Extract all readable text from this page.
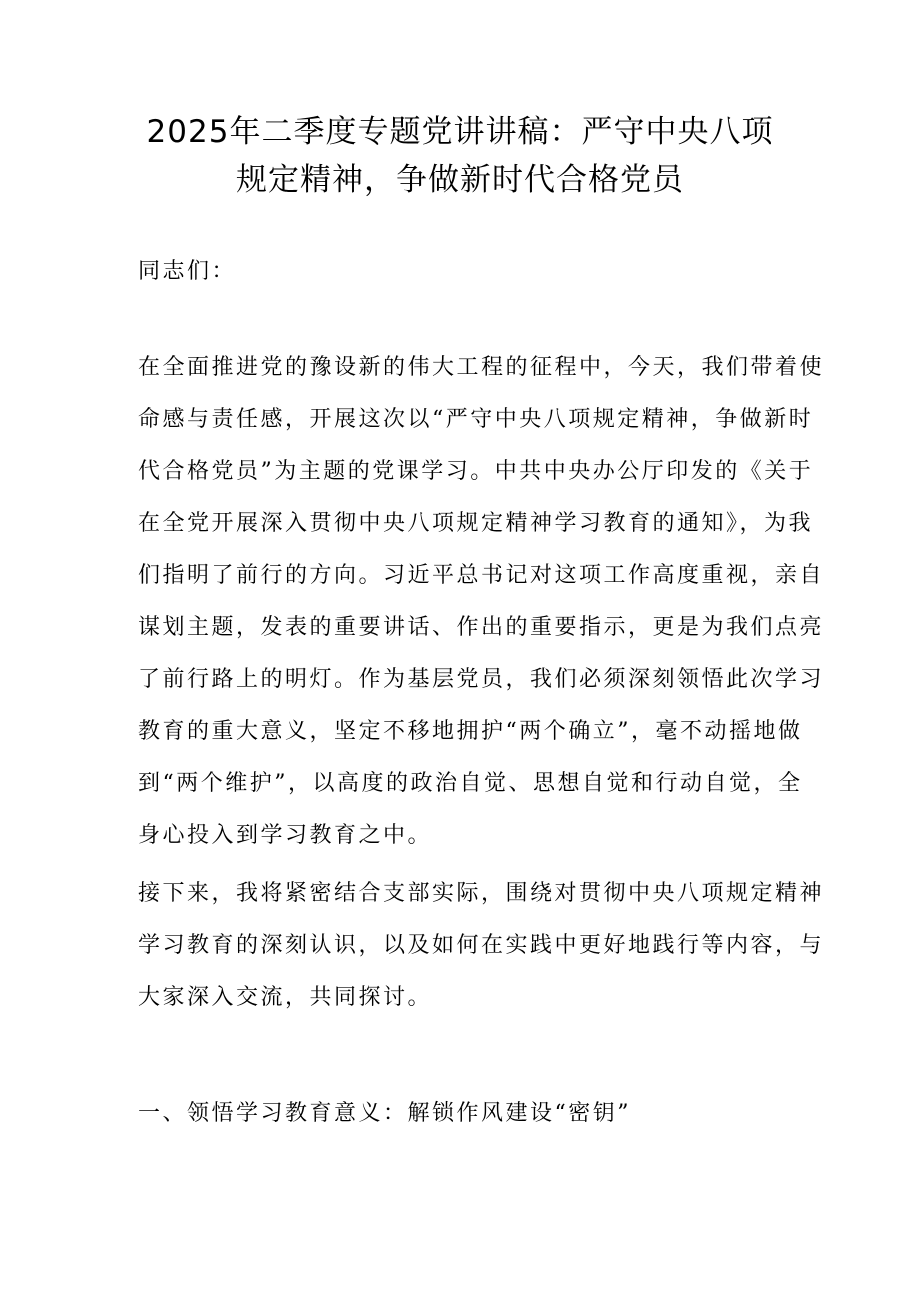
2025年二季度专题党讲讲稿：严守中央八项
规定精神，争做新时代合格党员

同志们：

在全面推进党的豫设新的伟大工程的征程中，今天，我们带着使
命感与责任感，开展这次以“严守中央八项规定精神，争做新时
代合格党员”为主题的党课学习。中共中央办公厅印发的《关于
在全党开展深入贯彻中央八项规定精神学习教育的通知》，为我
们指明了前行的方向。习近平总书记对这项工作高度重视，亲自
谋划主题，发表的重要讲话、作出的重要指示，更是为我们点亮
了前行路上的明灯。作为基层党员，我们必须深刻领悟此次学习
教育的重大意义，坚定不移地拥护“两个确立”，毫不动摇地做
到“两个维护”，以高度的政治自觉、思想自觉和行动自觉，全
身心投入到学习教育之中。
接下来，我将紧密结合支部实际，围绕对贯彻中央八项规定精神
学习教育的深刻认识，以及如何在实践中更好地践行等内容，与
大家深入交流，共同探讨。

一、领悟学习教育意义：解锁作风建设“密钥”
